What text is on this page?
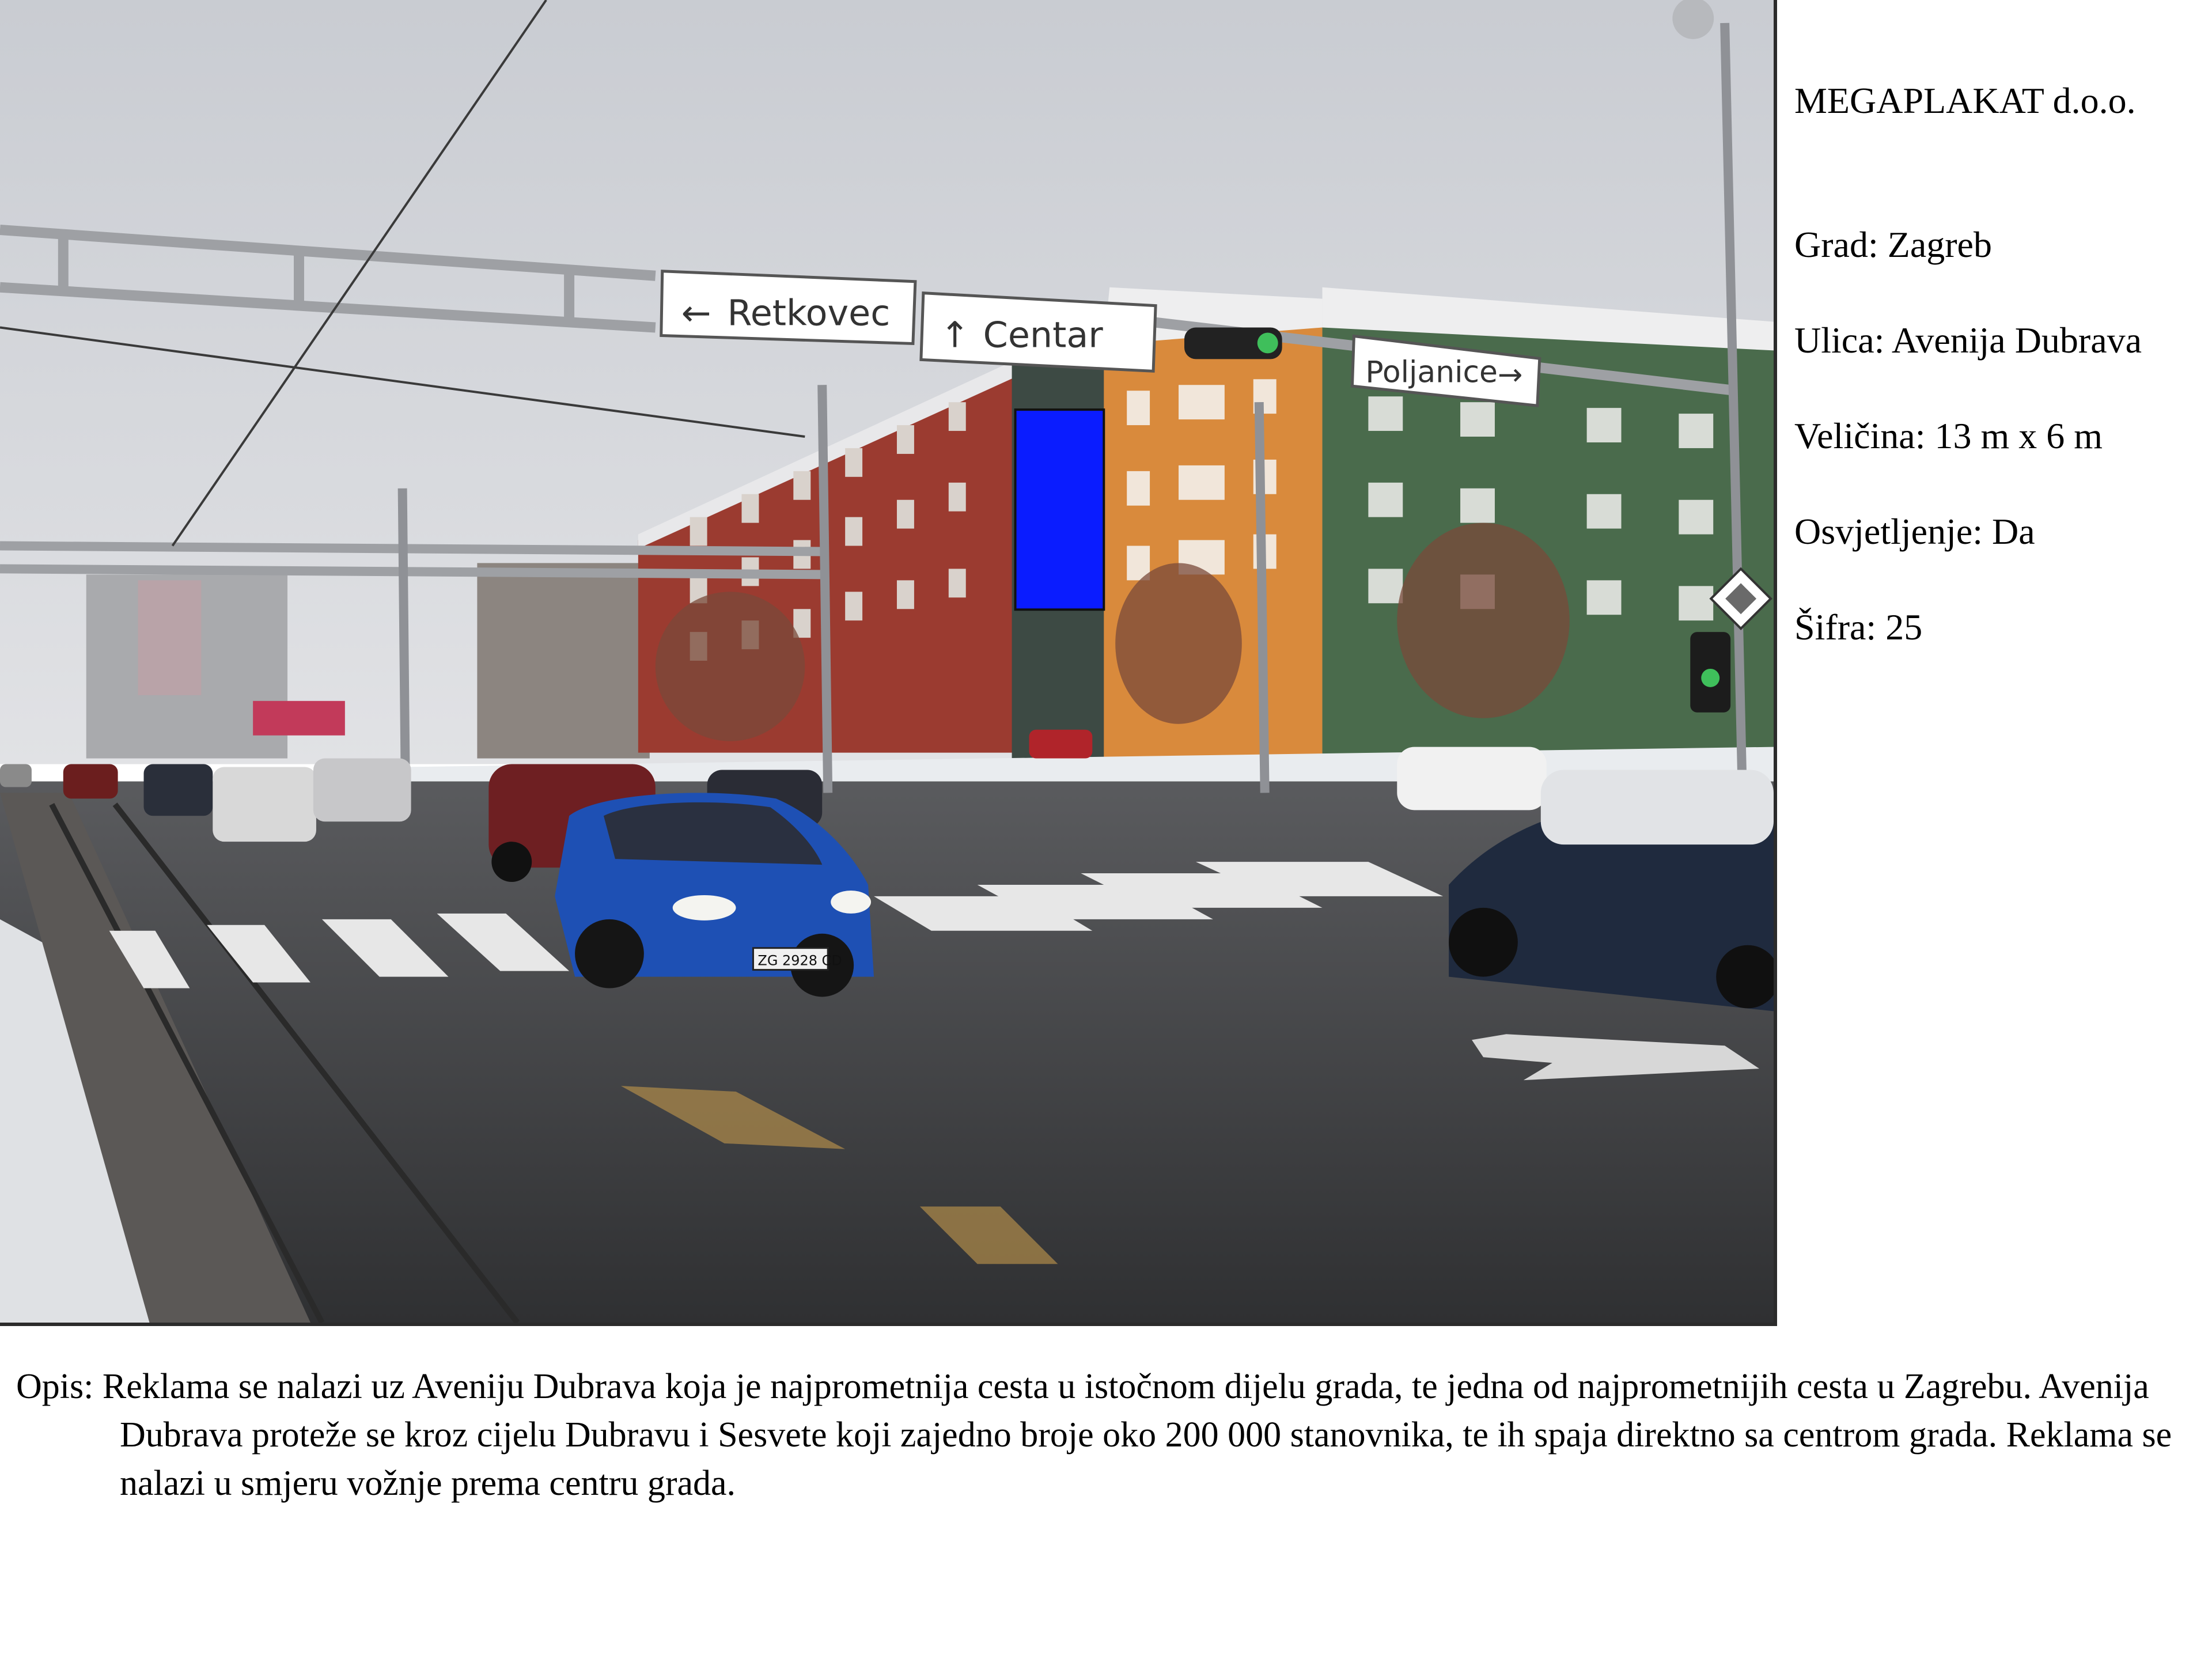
← Retkovec
↑ Centar
Poljanice →
ZG 2928 CD
MEGAPLAKAT d.o.o.
Grad: Zagreb
Ulica: Avenija Dubrava
Veličina: 13 m x 6 m
Osvjetljenje: Da
Šifra: 25
Opis: Reklama se nalazi uz Aveniju Dubrava koja je najprometnija cesta u istočnom dijelu grada, te jedna od najprometnijih cesta u Zagrebu. Avenija Dubrava proteže se kroz cijelu Dubravu i Sesvete koji zajedno broje oko 200 000 stanovnika, te ih spaja direktno sa centrom grada. Reklama se nalazi u smjeru vožnje prema centru grada.
